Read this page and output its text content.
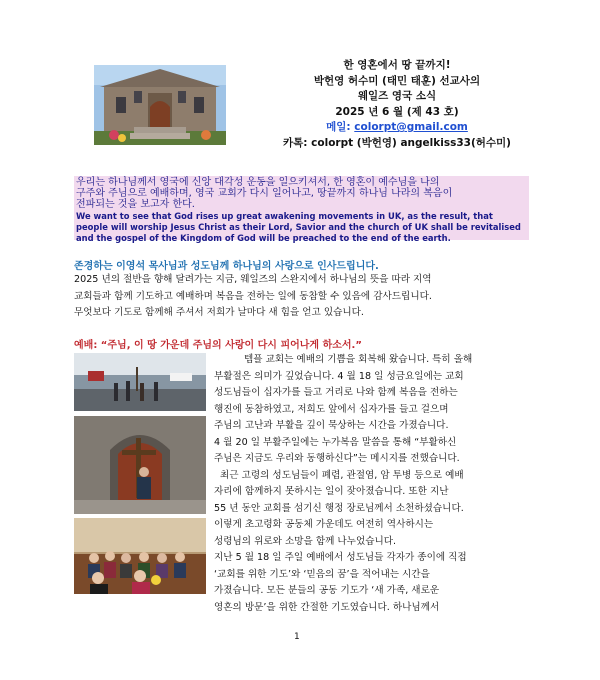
한 영혼에서 땅 끝까지!
박헌영 허수미 (태민 태훈) 선교사의
웨일즈 영국 소식
2025 년 6 월 (제 43 호)
메일: colorpt@gmail.com
카톡: colorpt (박헌영) angelkiss33(허수미)
우리는 하나님께서 영국에 신앙 대각성 운동을 일으키셔서, 한 영혼이 예수님을 나의
구주와 주님으로 예배하며, 영국 교회가 다시 일어나고, 땅끝까지 하나님 나라의 복음이
전파되는 것을 보고자 한다.
We want to see that God rises up great awakening movements in UK, as the result, that
people will worship Jesus Christ as their Lord, Savior and the church of UK shall be revitalised
and the gospel of the Kingdom of God will be preached to the end of the earth.
존경하는 이영석 목사님과 성도님께 하나님의 사랑으로 인사드립니다.
2025 년의 절반을 향해 달려가는 지금, 웨일즈의 스완지에서 하나님의 뜻을 따라 지역
교회들과 함께 기도하고 예배하며 복음을 전하는 일에 동참할 수 있음에 감사드립니다.
무엇보다 기도로 함께해 주셔서 저희가 날마다 새 힘을 얻고 있습니다.
예배: “주님, 이 땅 가운데 주님의 사랑이 다시 피어나게 하소서.”
템플 교회는 예배의 기쁨을 회복해 왔습니다. 특히 올해
부활절은 의미가 깊었습니다. 4 월 18 일 성금요일에는 교회
성도님들이 십자가를 들고 거리로 나와 함께 복음을 전하는
행진에 동참하였고, 저희도 앞에서 십자가를 들고 걸으며
주님의 고난과 부활을 깊이 묵상하는 시간을 가졌습니다.
4 월 20 일 부활주일에는 누가복음 말씀을 통해 “부활하신
주님은 지금도 우리와 동행하신다”는 메시지를 전했습니다.
최근 고령의 성도님들이 폐렴, 관절염, 암 투병 등으로 예배
자리에 함께하지 못하시는 일이 잦아졌습니다. 또한 지난
55 년 동안 교회를 섬기신 행정 장로님께서 소천하셨습니다.
이렇게 초고령화 공동체 가운데도 여전히 역사하시는
성령님의 위로와 소망을 함께 나누었습니다.
지난 5 월 18 일 주일 예배에서 성도님들 각자가 종이에 직접
‘교회를 위한 기도’와 ‘믿음의 꿈’을 적어내는 시간을
가졌습니다. 모든 분들의 공동 기도가 ‘새 가족, 새로운
영혼의 방문’을 위한 간절한 기도였습니다. 하나님께서
1
